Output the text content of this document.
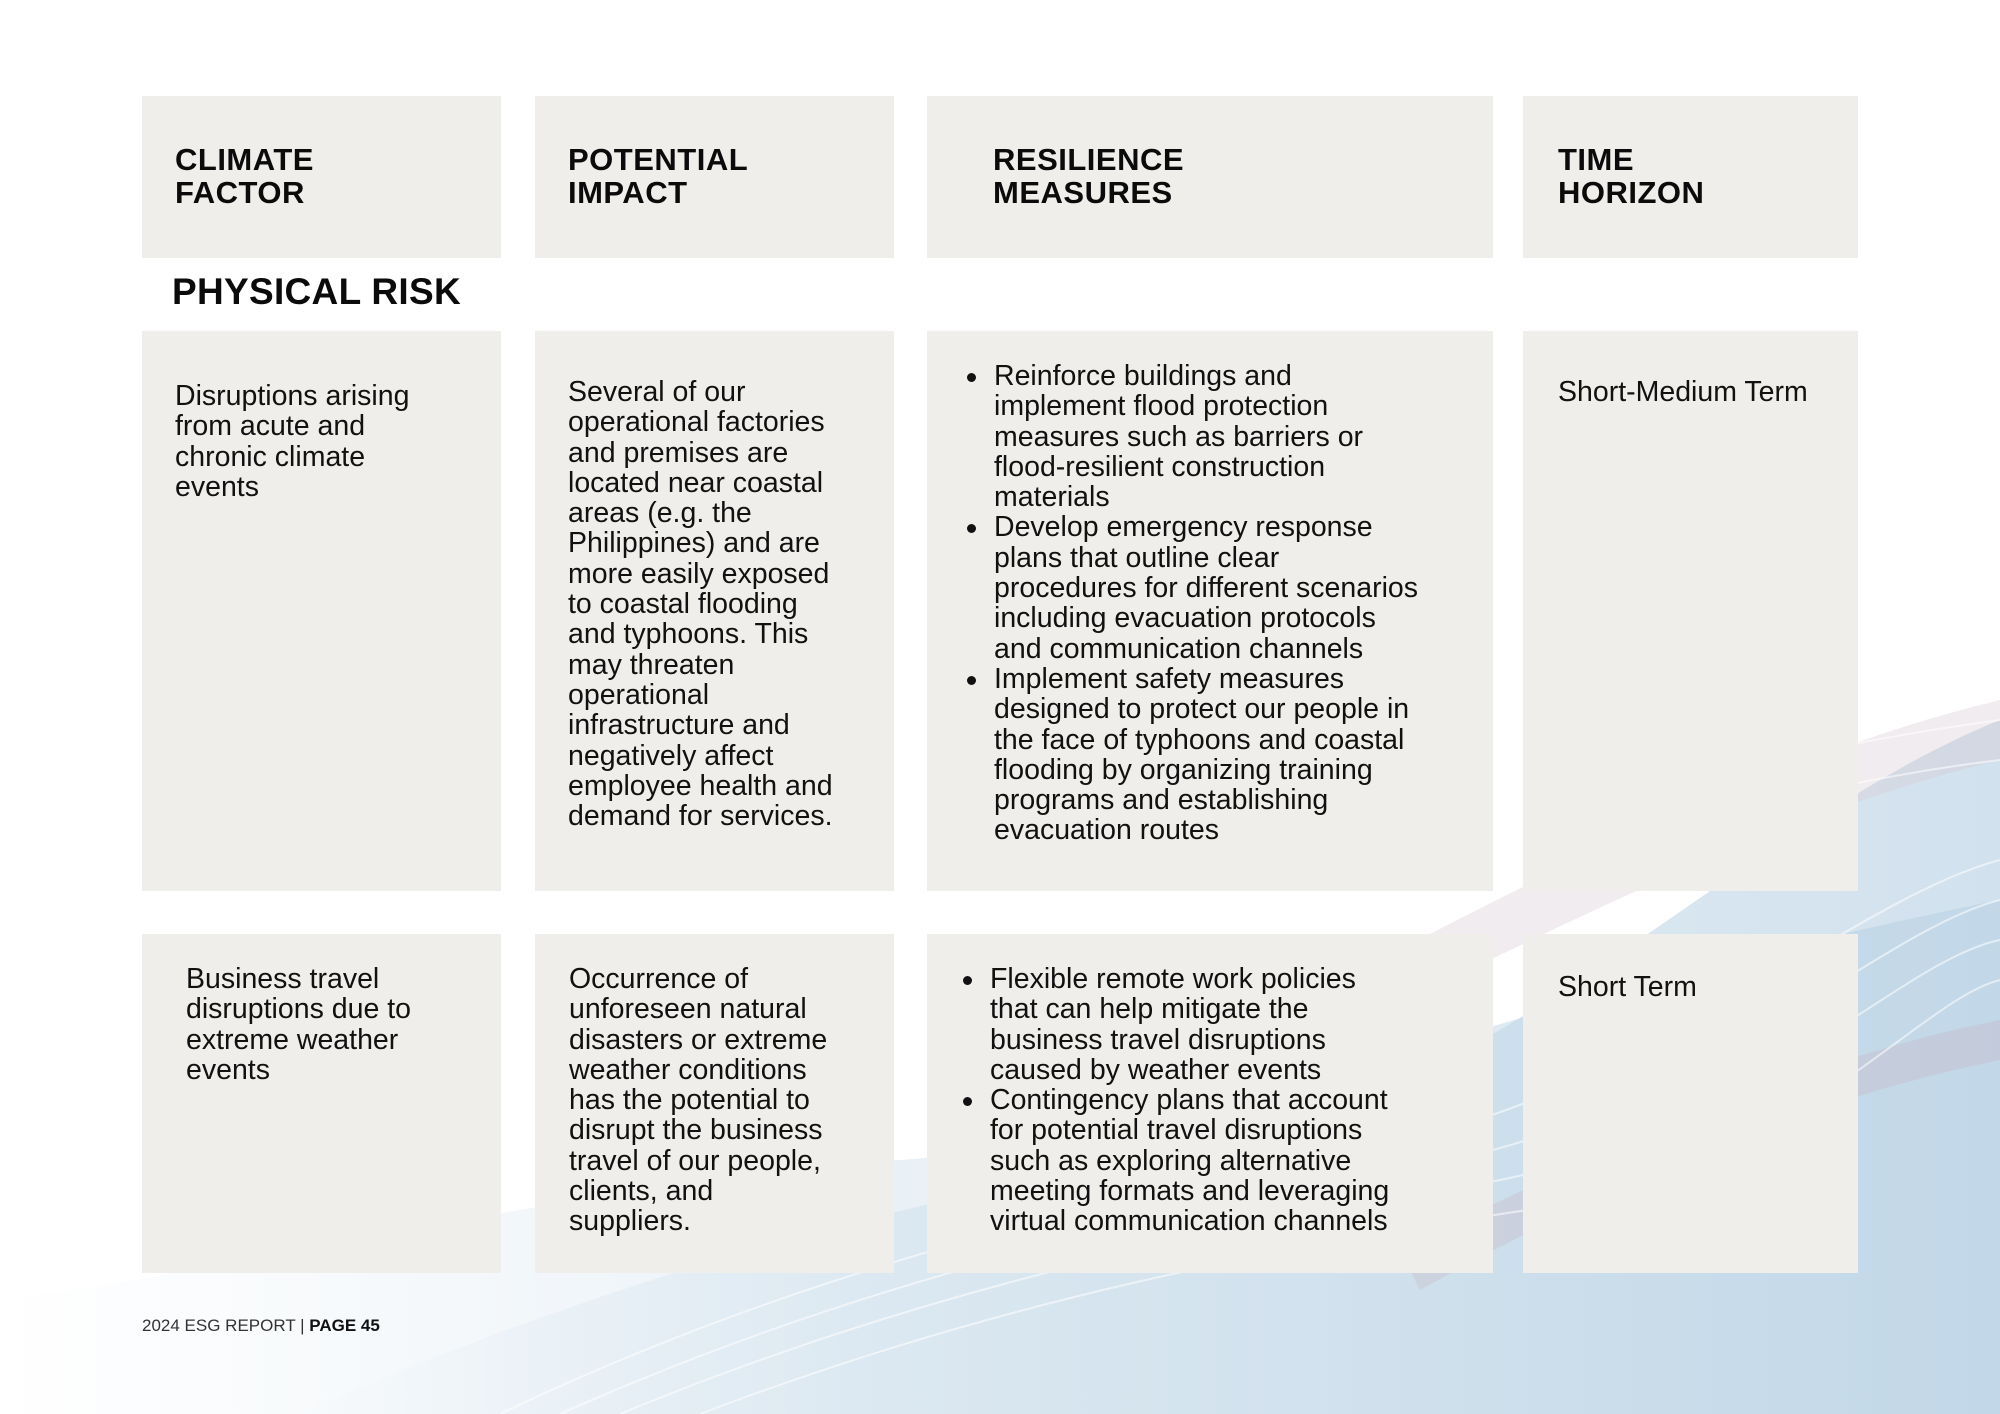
CLIMATE
FACTOR
POTENTIAL
IMPACT
RESILIENCE
MEASURES
TIME
HORIZON
PHYSICAL RISK

Disruptions arising

from acute and

chronic climate

events

Several of our

operational factories

and premises are

located near coastal

areas (e.g. the

Philippines) and are

more easily exposed

to coastal flooding

and typhoons. This

may threaten

operational

infrastructure and

negatively affect

employee health and

demand for services.

Reinforce buildings and
implement flood protection
measures such as barriers or
flood-resilient construction
materials
Develop emergency response
plans that outline clear
procedures for different scenarios
including evacuation protocols
and communication channels
Implement safety measures
designed to protect our people in
the face of typhoons and coastal
flooding by organizing training
programs and establishing
evacuation routes
Short-Medium Term

Business travel

disruptions due to

extreme weather

events

Occurrence of

unforeseen natural

disasters or extreme

weather conditions

has the potential to

disrupt the business

travel of our people,

clients, and

suppliers.

Flexible remote work policies
that can help mitigate the
business travel disruptions
caused by weather events
Contingency plans that account
for potential travel disruptions
such as exploring alternative
meeting formats and leveraging
virtual communication channels
Short Term
2024 ESG REPORT | PAGE 45
